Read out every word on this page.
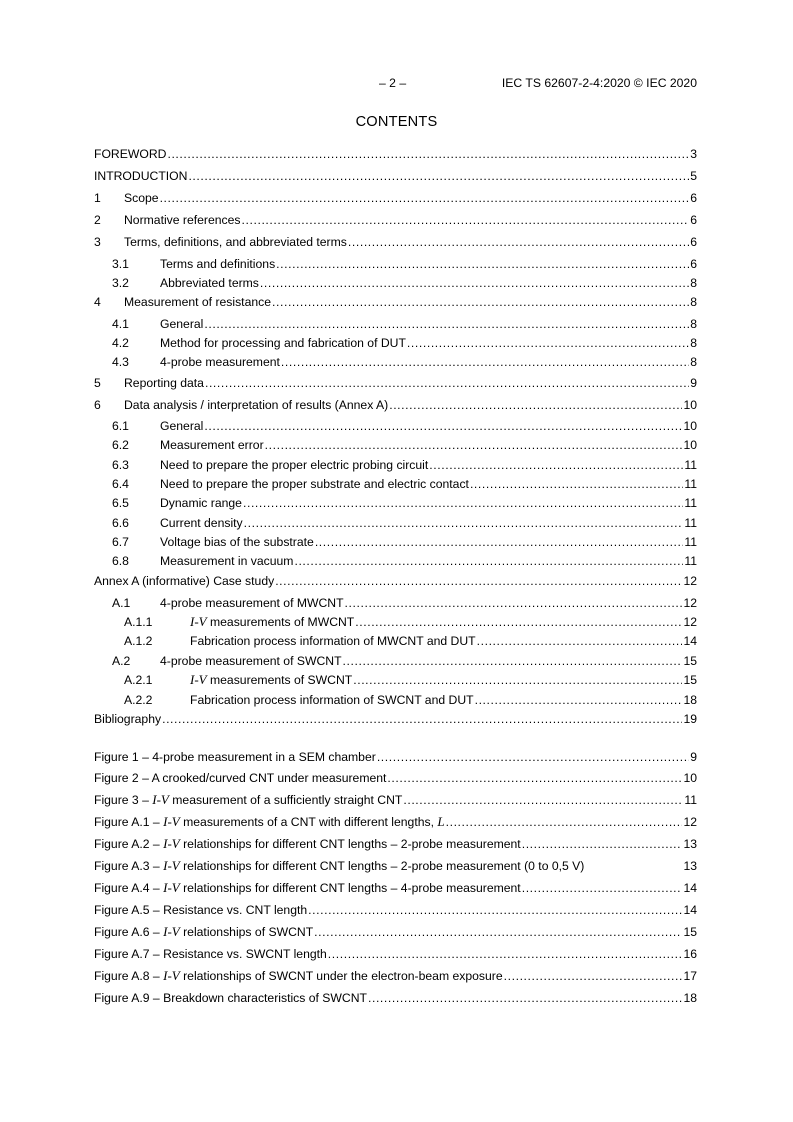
– 2 –	IEC TS 62607-2-4:2020 © IEC 2020
CONTENTS
FOREWORD .....	3
INTRODUCTION .....	5
1	Scope .....	6
2	Normative references .....	6
3	Terms, definitions, and abbreviated terms .....	6
3.1	Terms and definitions .....	6
3.2	Abbreviated terms .....	8
4	Measurement of resistance .....	8
4.1	General .....	8
4.2	Method for processing and fabrication of DUT .....	8
4.3	4-probe measurement .....	8
5	Reporting data .....	9
6	Data analysis / interpretation of results (Annex A) .....	10
6.1	General .....	10
6.2	Measurement error .....	10
6.3	Need to prepare the proper electric probing circuit .....	11
6.4	Need to prepare the proper substrate and electric contact .....	11
6.5	Dynamic range .....	11
6.6	Current density .....	11
6.7	Voltage bias of the substrate .....	11
6.8	Measurement in vacuum .....	11
Annex A (informative) Case study .....	12
A.1	4-probe measurement of MWCNT .....	12
A.1.1	I-V measurements of MWCNT .....	12
A.1.2	Fabrication process information of MWCNT and DUT .....	14
A.2	4-probe measurement of SWCNT .....	15
A.2.1	I-V measurements of SWCNT .....	15
A.2.2	Fabrication process information of SWCNT and DUT .....	18
Bibliography .....	19
Figure 1 – 4-probe measurement in a SEM chamber .....	9
Figure 2 – A crooked/curved CNT under measurement .....	10
Figure 3 – I-V measurement of a sufficiently straight CNT .....	11
Figure A.1 – I-V measurements of a CNT with different lengths, L .....	12
Figure A.2 – I-V relationships for different CNT lengths – 2-probe measurement .....	13
Figure A.3 – I-V relationships for different CNT lengths – 2-probe measurement (0 to 0,5 V)	13
Figure A.4 – I-V relationships for different CNT lengths – 4-probe measurement .....	14
Figure A.5 – Resistance vs. CNT length .....	14
Figure A.6 – I-V relationships of SWCNT .....	15
Figure A.7 – Resistance vs. SWCNT length .....	16
Figure A.8 – I-V relationships of SWCNT under the electron-beam exposure .....	17
Figure A.9 – Breakdown characteristics of SWCNT .....	18
